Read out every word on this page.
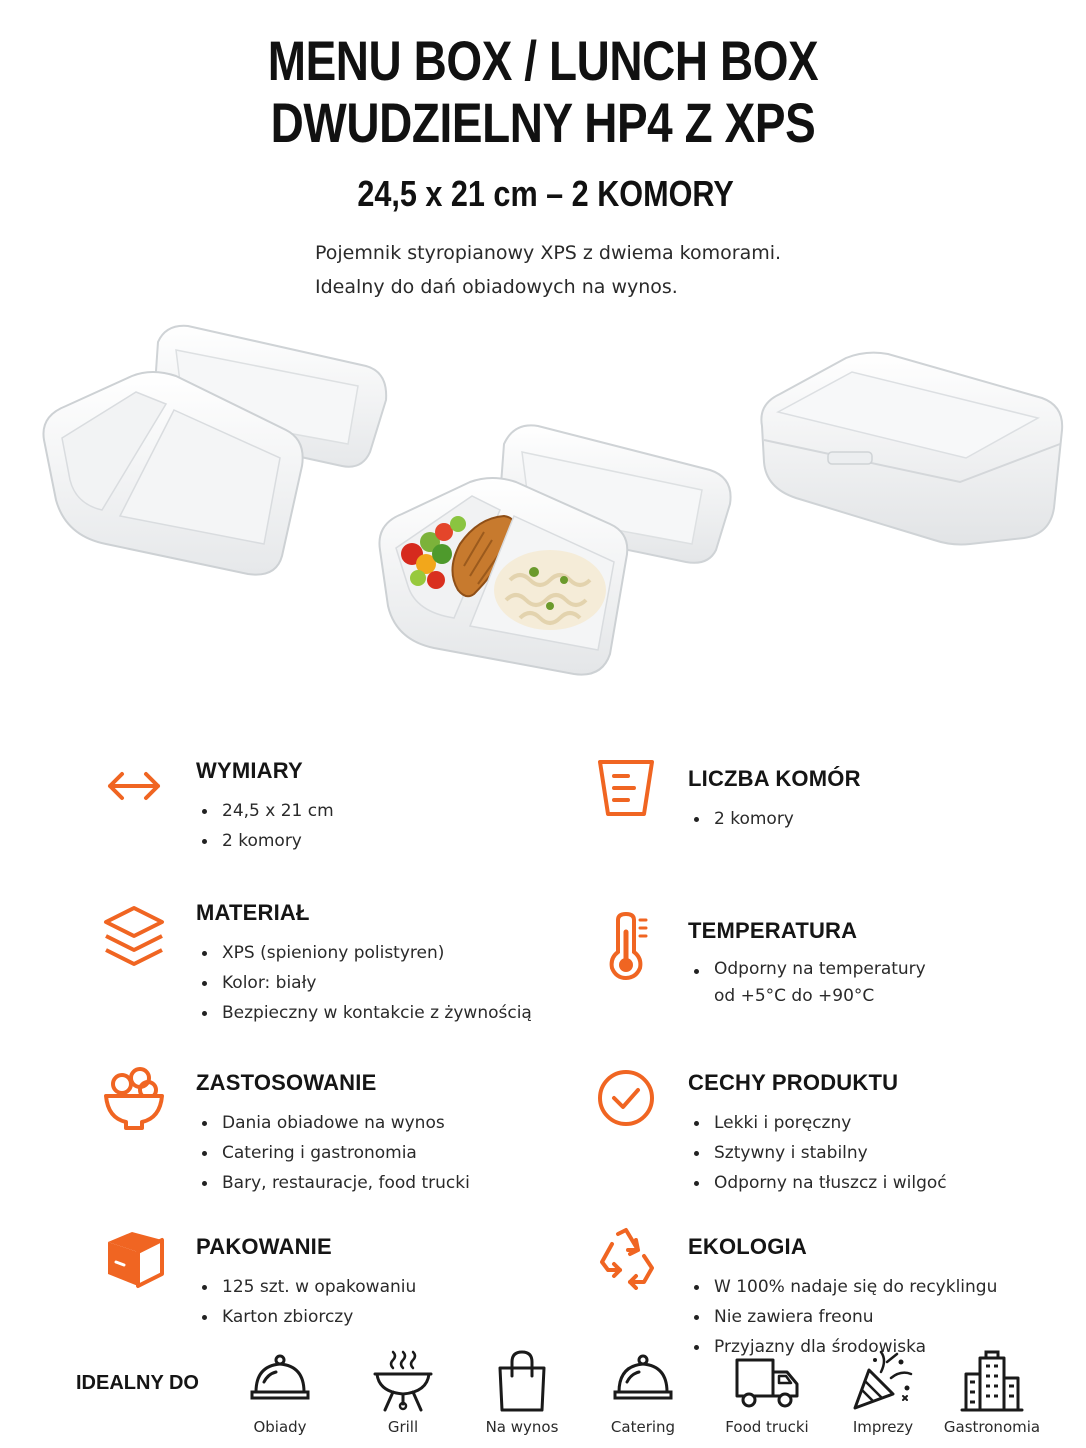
MENU BOX / LUNCH BOX
DWUDZIELNY HP4 Z XPS
24,5 x 21 cm – 2 KOMORY
Pojemnik styropianowy XPS z dwiema komorami.
Idealny do dań obiadowych na wynos.
WYMIARY
24,5 x 21 cm
2 komory
LICZBA KOMÓR
2 komory
MATERIAŁ
XPS (spieniony polistyren)
Kolor: biały
Bezpieczny w kontakcie z żywnością
TEMPERATURA
Odporny na temperatury od +5°C do +90°C
ZASTOSOWANIE
Dania obiadowe na wynos
Catering i gastronomia
Bary, restauracje, food trucki
CECHY PRODUKTU
Lekki i poręczny
Sztywny i stabilny
Odporny na tłuszcz i wilgoć
PAKOWANIE
125 szt. w opakowaniu
Karton zbiorczy
EKOLOGIA
W 100% nadaje się do recyklingu
Nie zawiera freonu
Przyjazny dla środowiska
IDEALNY DO
Obiady	Grill	Na wynos	Catering	Food trucki	Imprezy	Gastronomia
